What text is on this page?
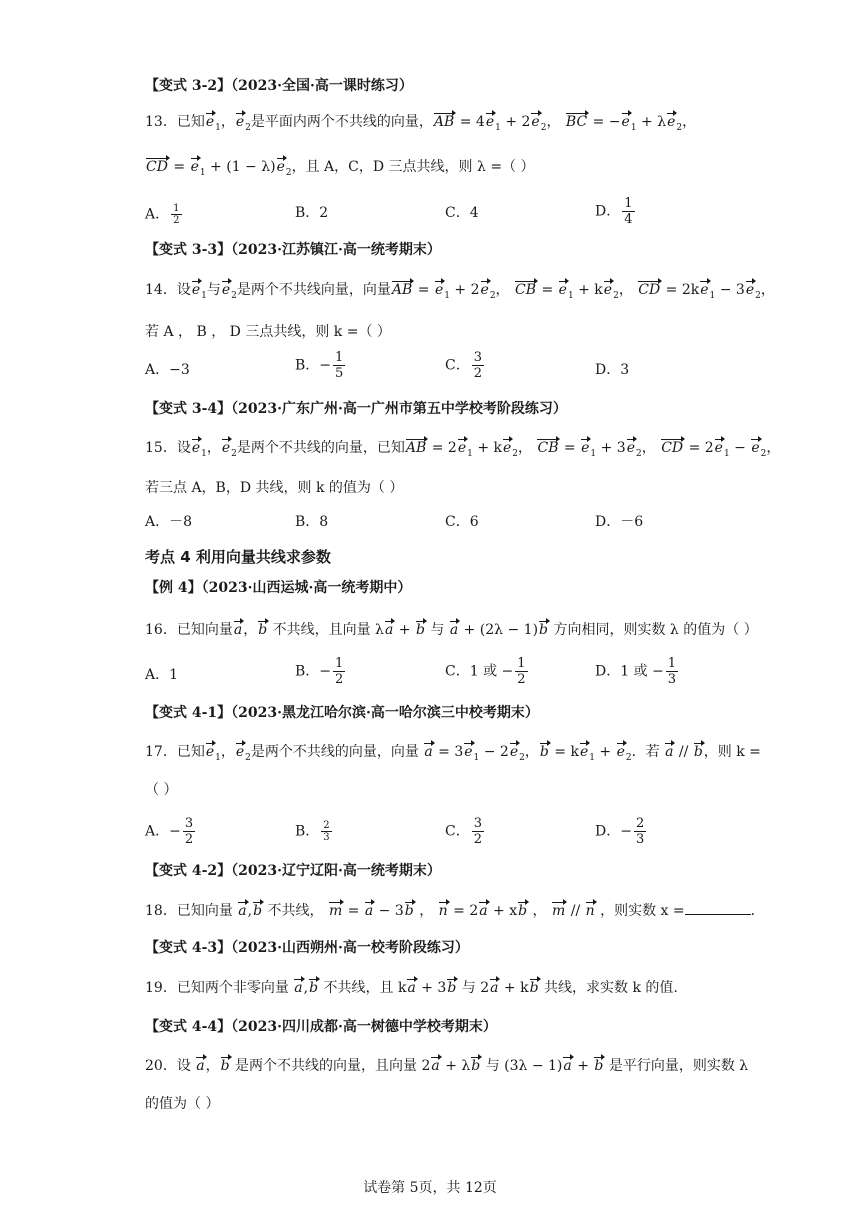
【变式 3-2】（2023·全国·高一课时练习）
13．已知$e_1$，$e_2$是平面内两个不共线的向量，AB = $4e_1 + 2e_2$， BC = $-e_1 + \lambda e_2$，
CD = $e_1 + (1 - \lambda)e_2$，且 A，C，D 三点共线，则 λ =（ ）
A． $\frac{1}{2}$	B．2	C．4	D． $\frac{1}{4}$
【变式 3-3】（2023·江苏镇江·高一统考期末）
14．设$e_1$与$e_2$是两个不共线向量，向量AB = $e_1 + 2e_2$， CB = $e_1 + ke_2$， CD = $2ke_1 - 3e_2$，
若 A ， B ， D 三点共线，则 k =（ ）
A．−3	B．− $\frac{1}{5}$	C． $\frac{3}{2}$	D．3
【变式 3-4】（2023·广东广州·高一广州市第五中学校考阶段练习）
15．设$e_1$，$e_2$是两个不共线的向量，已知AB = $2e_1 + ke_2$， CB = $e_1 + 3e_2$， CD = $2e_1 - e_2$，
若三点 A，B，D 共线，则 k 的值为（ ）
A．－8	B．8	C．6	D．－6
考点 4 利用向量共线求参数
【例 4】（2023·山西运城·高一统考期中）
16．已知向量a，b 不共线，且向量 λa + b 与 a + (2λ − 1)b 方向相同，则实数 λ 的值为（ ）
A．1	B．− $\frac{1}{2}$	C．1 或 − $\frac{1}{2}$	D．1 或 − $\frac{1}{3}$
【变式 4-1】（2023·黑龙江哈尔滨·高一哈尔滨三中校考期末）
17．已知$e_1$，$e_2$是两个不共线的向量，向量 $a = 3e_1 - 2e_2$，$b = ke_1 + e_2$．若 a // b，则 k =
（ ）
A．− $\frac{3}{2}$	B． $\frac{2}{3}$	C． $\frac{3}{2}$	D．− $\frac{2}{3}$
【变式 4-2】（2023·辽宁辽阳·高一统考期末）
18．已知向量 a,b 不共线， m = a − 3b ， n = 2a + xb ， m // n ，则实数 x =	．
【变式 4-3】（2023·山西朔州·高一校考阶段练习）
19．已知两个非零向量 a,b 不共线，且 ka + 3b 与 2a + kb 共线，求实数 k 的值.
【变式 4-4】（2023·四川成都·高一树德中学校考期末）
20．设 a，b 是两个不共线的向量，且向量 2a + λb 与 (3λ − 1)a + b 是平行向量，则实数 λ
的值为（ ）
试卷第 5页，共 12页
